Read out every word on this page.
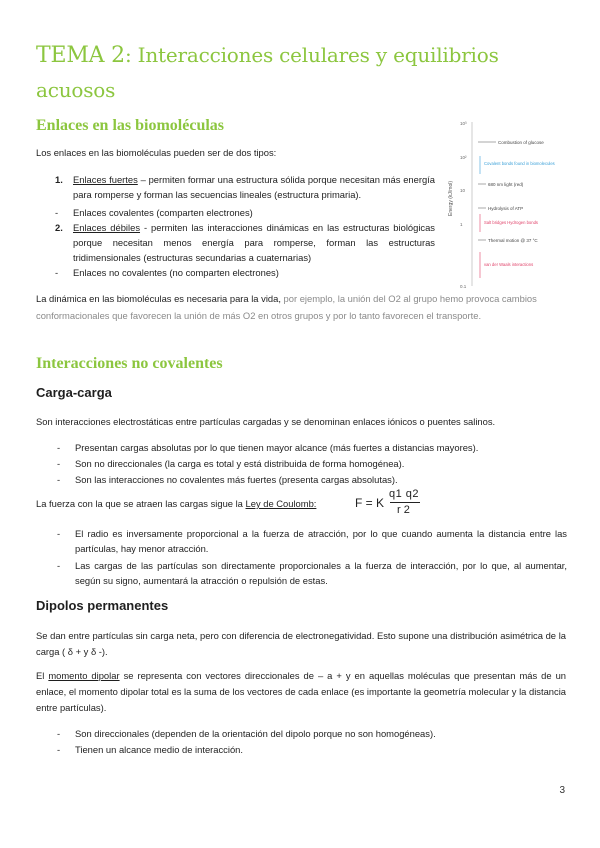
TEMA 2: Interacciones celulares y equilibrios acuosos
Enlaces en las biomoléculas
Los enlaces en las biomoléculas pueden ser de dos tipos:
1. Enlaces fuertes – permiten formar una estructura sólida porque necesitan más energía para romperse y forman las secuencias lineales (estructura primaria).
- Enlaces covalentes (comparten electrones)
2. Enlaces débiles - permiten las interacciones dinámicas en las estructuras biológicas porque necesitan menos energía para romperse, forman las estructuras tridimensionales (estructuras secundarias a cuaternarias)
- Enlaces no covalentes (no comparten electrones)
Energy (kJ/mol)
10³
10²
10
1
0.1
Combustion of glucose
Covalent bonds found in biomolecules
680 nm light (red)
Hydrolysis of ATP
Salt bridges Hydrogen bonds
Thermal motion @ 37 °C
van der Waals interactions
La dinámica en las biomoléculas es necesaria para la vida, por ejemplo, la unión del O2 al grupo hemo provoca cambios conformacionales que favorecen la unión de más O2 en otros grupos y por lo tanto favorecen el transporte.
Interacciones no covalentes
Carga-carga
Son interacciones electrostáticas entre partículas cargadas y se denominan enlaces iónicos o puentes salinos.
- Presentan cargas absolutas por lo que tienen mayor alcance (más fuertes a distancias mayores).
- Son no direccionales (la carga es total y está distribuida de forma homogénea).
- Son las interacciones no covalentes más fuertes (presenta cargas absolutas).
La fuerza con la que se atraen las cargas sigue la Ley de Coulomb:	F = K
q1 q2
r 2
- El radio es inversamente proporcional a la fuerza de atracción, por lo que cuando aumenta la distancia entre las partículas, hay menor atracción.
- Las cargas de las partículas son directamente proporcionales a la fuerza de interacción, por lo que, al aumentar, según su signo, aumentará la atracción o repulsión de estas.
Dipolos permanentes
Se dan entre partículas sin carga neta, pero con diferencia de electronegatividad. Esto supone una distribución asimétrica de la carga ( δ + y δ -).
El momento dipolar se representa con vectores direccionales de – a + y en aquellas moléculas que presentan más de un enlace, el momento dipolar total es la suma de los vectores de cada enlace (es importante la geometría molecular y la distancia entre partículas).
- Son direccionales (dependen de la orientación del dipolo porque no son homogéneas).
- Tienen un alcance medio de interacción.
3
